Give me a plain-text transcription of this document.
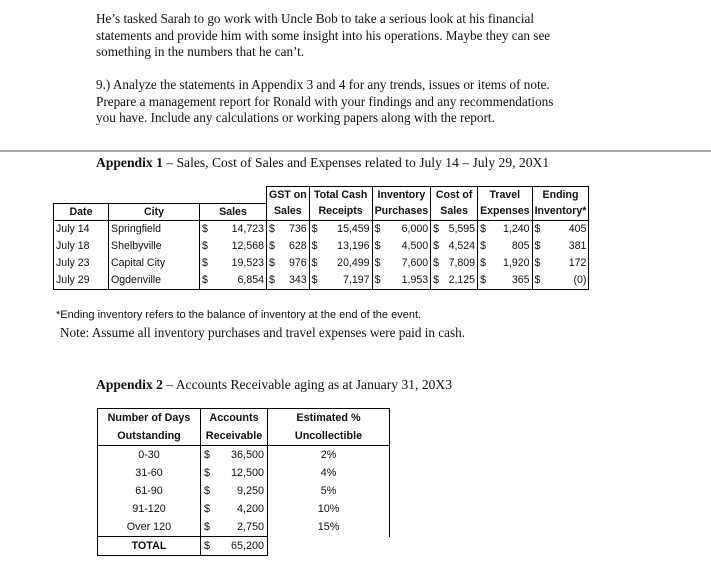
He’s tasked Sarah to go work with Uncle Bob to take a serious look at his financial
statements and provide him with some insight into his operations. Maybe they can see
something in the numbers that he can’t.
9.) Analyze the statements in Appendix 3 and 4 for any trends, issues or items of note.
Prepare a management report for Ronald with your findings and any recommendations
you have. Include any calculations or working papers along with the report.
Appendix 1 – Sales, Cost of Sales and Expenses related to July 14 – July 29, 20X1
			GST on		Total Cash		Inventory		Cost of		Travel		Ending	
Date	City	Sales	Sales		Receipts		Purchases		Sales		Expenses		Inventory*	
July 14	Springfield	$ 14,723	$	736	$	15,459	$	6,000	$	5,595	$	1,240	$	405
July 18	Shelbyville	$ 12,568	$	628	$	13,196	$	4,500	$	4,524	$	805	$	381
July 23	Capital City	$ 19,523	$	976	$	20,499	$	7,600	$	7,809	$	1,920	$	172
July 29	Ogdenville	$ 6,854	$	343	$	7,197	$	1,953	$	2,125	$	365	$	(0)
*Ending inventory refers to the balance of inventory at the end of the event.
Note: Assume all inventory purchases and travel expenses were paid in cash.
Appendix 2 – Accounts Receivable aging as at January 31, 20X3
Number of Days	Accounts	Estimated %
Outstanding	Receivable	Uncollectible
0-30	$ 36,500	2%
31-60	$ 12,500	4%
61-90	$ 9,250	5%
91-120	$ 4,200	10%
Over 120	$ 2,750	15%
TOTAL	$ 65,200	
